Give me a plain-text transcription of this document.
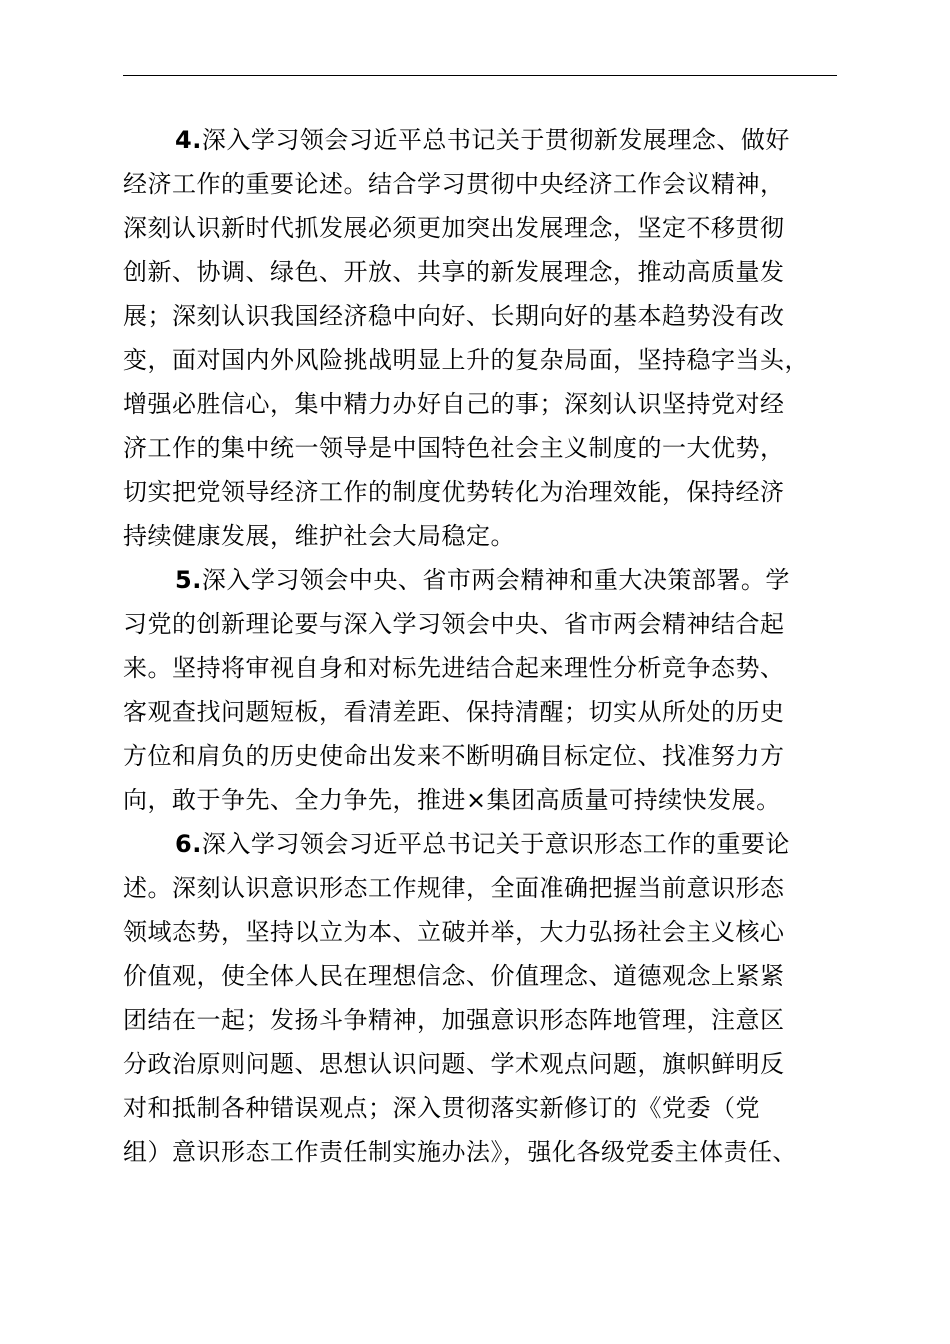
4.深入学习领会习近平总书记关于贯彻新发展理念、做好
经济工作的重要论述。结合学习贯彻中央经济工作会议精神，
深刻认识新时代抓发展必须更加突出发展理念，坚定不移贯彻
创新、协调、绿色、开放、共享的新发展理念，推动高质量发
展；深刻认识我国经济稳中向好、长期向好的基本趋势没有改
变，面对国内外风险挑战明显上升的复杂局面，坚持稳字当头，
增强必胜信心，集中精力办好自己的事；深刻认识坚持党对经
济工作的集中统一领导是中国特色社会主义制度的一大优势，
切实把党领导经济工作的制度优势转化为治理效能，保持经济
持续健康发展，维护社会大局稳定。
5.深入学习领会中央、省市两会精神和重大决策部署。学
习党的创新理论要与深入学习领会中央、省市两会精神结合起
来。坚持将审视自身和对标先进结合起来理性分析竞争态势、
客观查找问题短板，看清差距、保持清醒；切实从所处的历史
方位和肩负的历史使命出发来不断明确目标定位、找准努力方
向，敢于争先、全力争先，推进×集团高质量可持续快发展。
6.深入学习领会习近平总书记关于意识形态工作的重要论
述。深刻认识意识形态工作规律，全面准确把握当前意识形态
领域态势，坚持以立为本、立破并举，大力弘扬社会主义核心
价值观，使全体人民在理想信念、价值理念、道德观念上紧紧
团结在一起；发扬斗争精神，加强意识形态阵地管理，注意区
分政治原则问题、思想认识问题、学术观点问题，旗帜鲜明反
对和抵制各种错误观点；深入贯彻落实新修订的《党委（党
组）意识形态工作责任制实施办法》，强化各级党委主体责任、
